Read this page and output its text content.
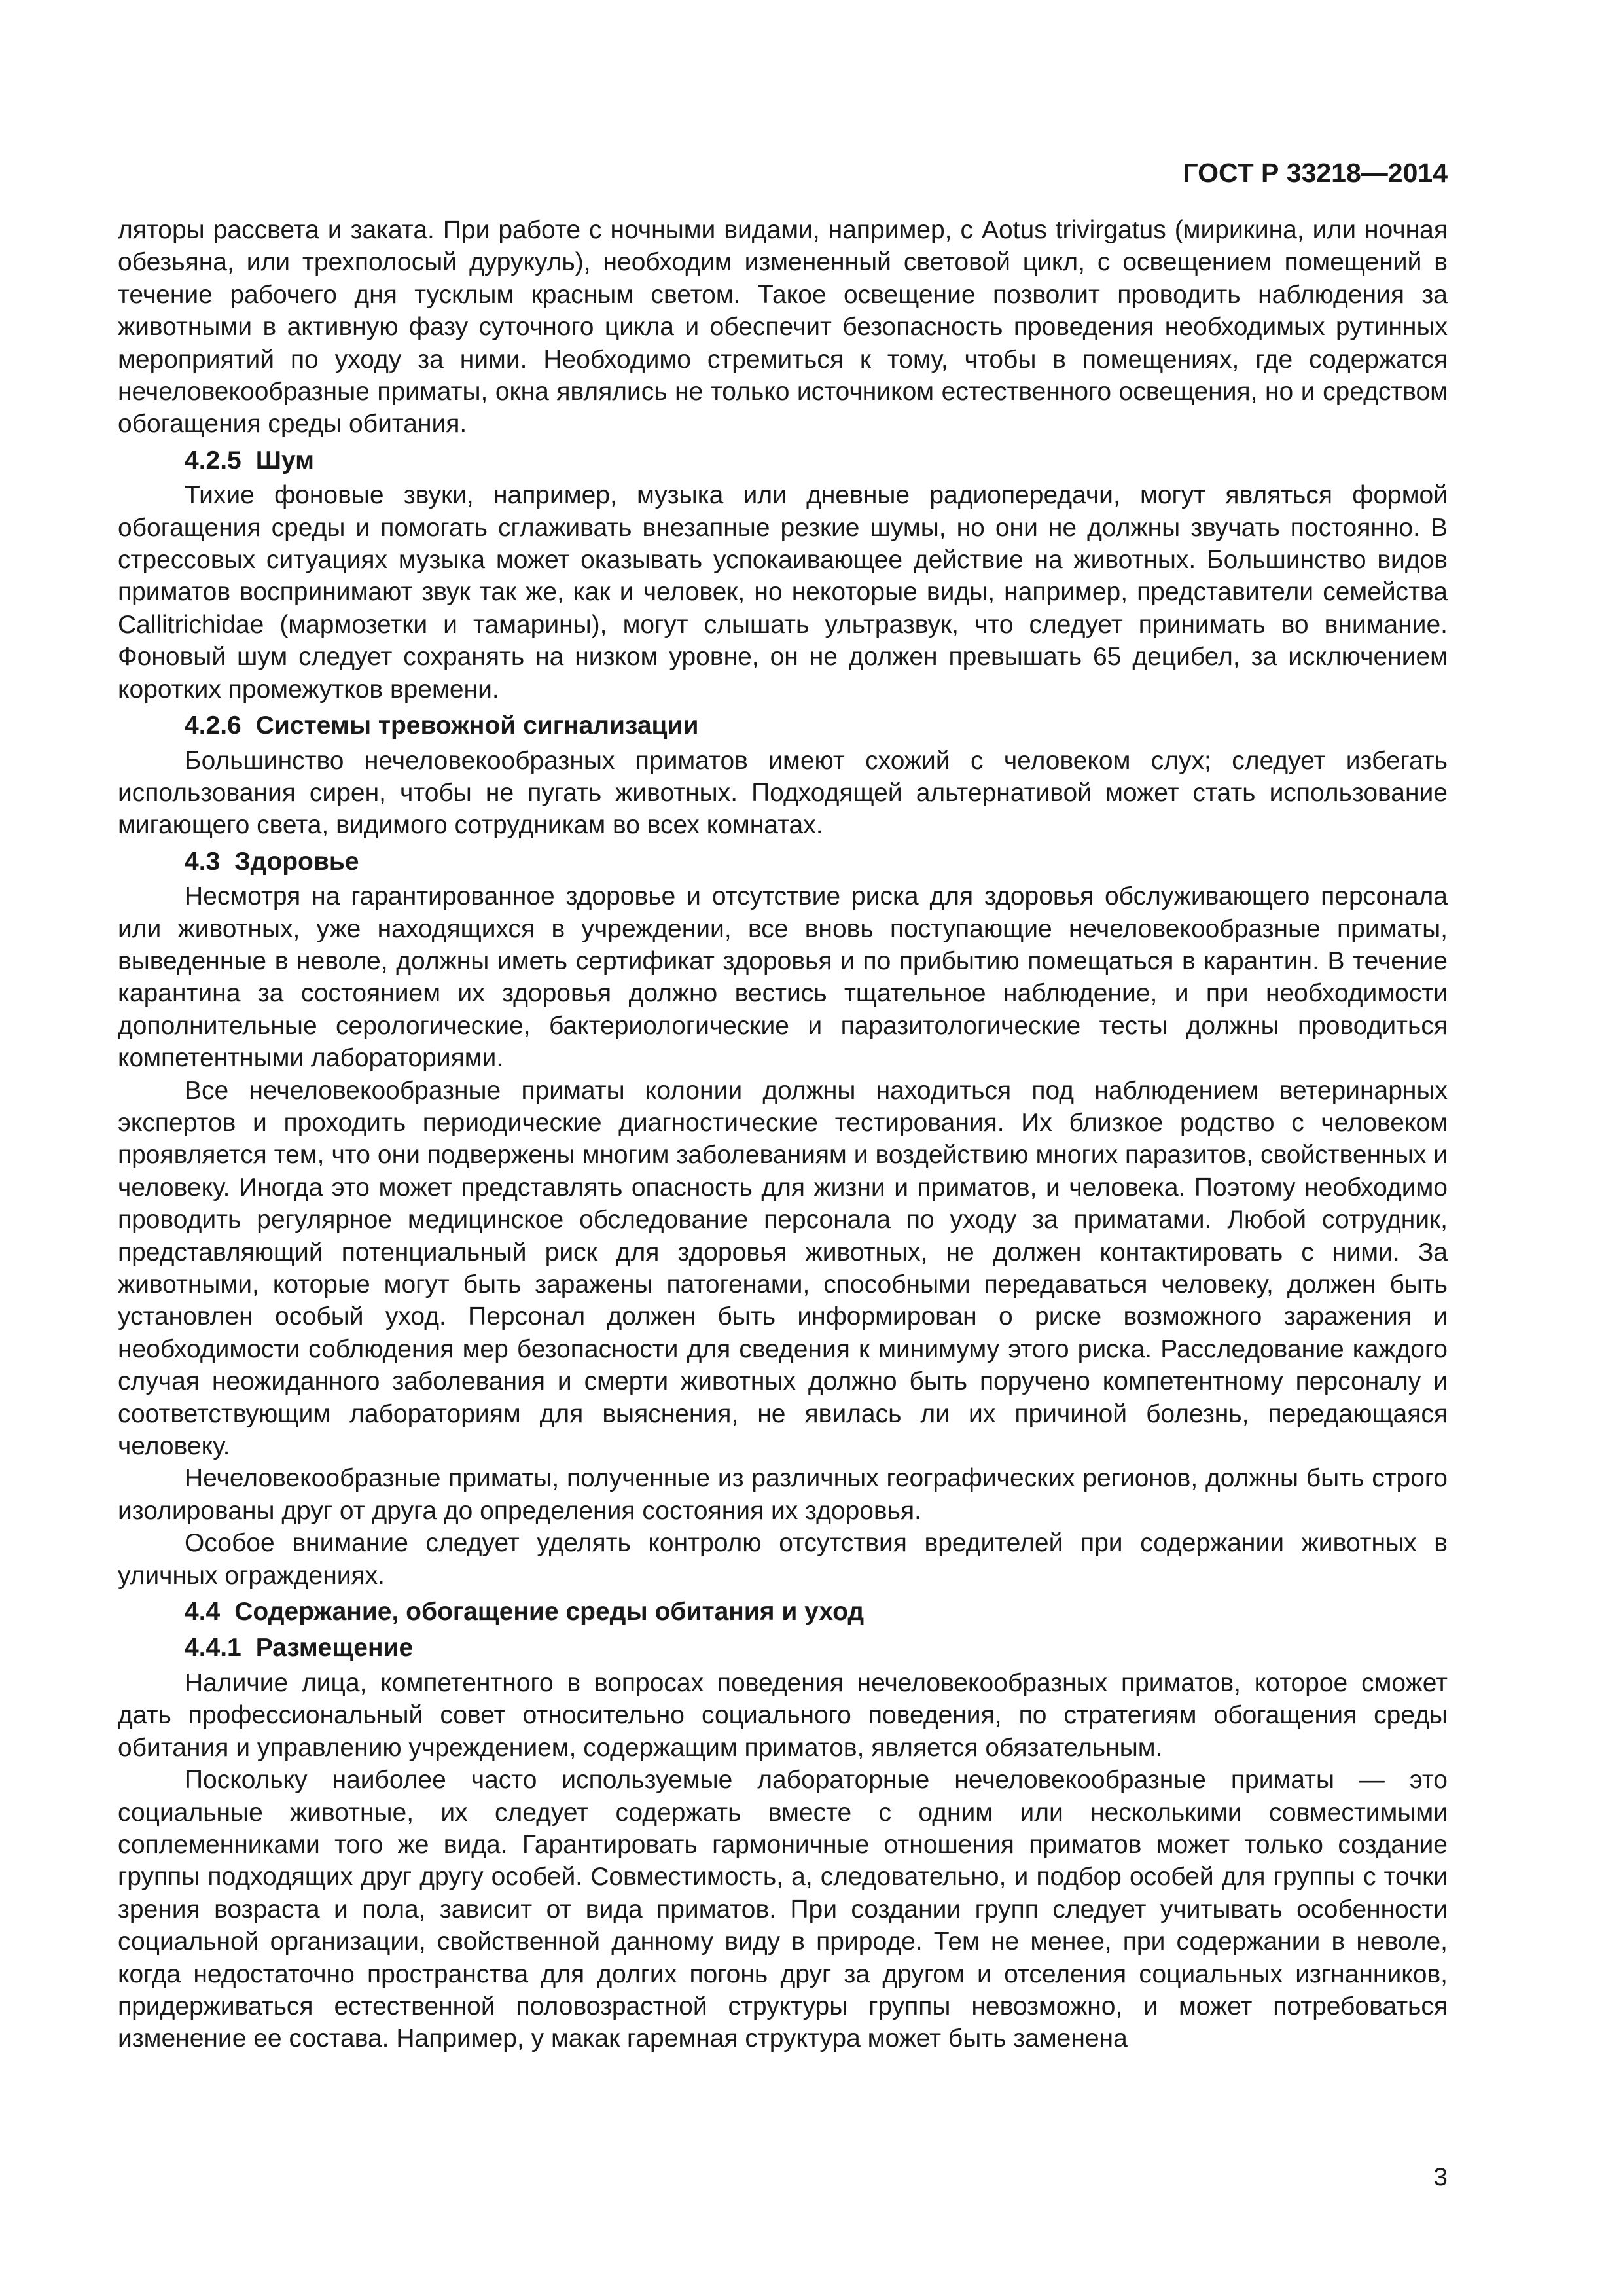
ГОСТ Р 33218—2014

ляторы рассвета и заката. При работе с ночными видами, например, с Aotus trivirgatus (мирикина, или ночная обезьяна, или трехполосый дурукуль), необходим измененный световой цикл, с освещением помещений в течение рабочего дня тусклым красным светом. Такое освещение позволит проводить наблюдения за животными в активную фазу суточного цикла и обеспечит безопасность проведения необходимых рутинных мероприятий по уходу за ними. Необходимо стремиться к тому, чтобы в помещениях, где содержатся нечеловекообразные приматы, окна являлись не только источником естественного освещения, но и средством обогащения среды обитания.

4.2.5 Шум

Тихие фоновые звуки, например, музыка или дневные радиопередачи, могут являться формой обогащения среды и помогать сглаживать внезапные резкие шумы, но они не должны звучать постоянно. В стрессовых ситуациях музыка может оказывать успокаивающее действие на животных. Большинство видов приматов воспринимают звук так же, как и человек, но некоторые виды, например, представители семейства Callitrichidae (мармозетки и тамарины), могут слышать ультразвук, что следует принимать во внимание. Фоновый шум следует сохранять на низком уровне, он не должен превышать 65 децибел, за исключением коротких промежутков времени.

4.2.6 Системы тревожной сигнализации

Большинство нечеловекообразных приматов имеют схожий с человеком слух; следует избегать использования сирен, чтобы не пугать животных. Подходящей альтернативой может стать использование мигающего света, видимого сотрудникам во всех комнатах.

4.3 Здоровье

Несмотря на гарантированное здоровье и отсутствие риска для здоровья обслуживающего персонала или животных, уже находящихся в учреждении, все вновь поступающие нечеловекообразные приматы, выведенные в неволе, должны иметь сертификат здоровья и по прибытию помещаться в карантин. В течение карантина за состоянием их здоровья должно вестись тщательное наблюдение, и при необходимости дополнительные серологические, бактериологические и паразитологические тесты должны проводиться компетентными лабораториями.

Все нечеловекообразные приматы колонии должны находиться под наблюдением ветеринарных экспертов и проходить периодические диагностические тестирования. Их близкое родство с человеком проявляется тем, что они подвержены многим заболеваниям и воздействию многих паразитов, свойственных и человеку. Иногда это может представлять опасность для жизни и приматов, и человека. Поэтому необходимо проводить регулярное медицинское обследование персонала по уходу за приматами. Любой сотрудник, представляющий потенциальный риск для здоровья животных, не должен контактировать с ними. За животными, которые могут быть заражены патогенами, способными передаваться человеку, должен быть установлен особый уход. Персонал должен быть информирован о риске возможного заражения и необходимости соблюдения мер безопасности для сведения к минимуму этого риска. Расследование каждого случая неожиданного заболевания и смерти животных должно быть поручено компетентному персоналу и соответствующим лабораториям для выяснения, не явилась ли их причиной болезнь, передающаяся человеку.

Нечеловекообразные приматы, полученные из различных географических регионов, должны быть строго изолированы друг от друга до определения состояния их здоровья.

Особое внимание следует уделять контролю отсутствия вредителей при содержании животных в уличных ограждениях.

4.4 Содержание, обогащение среды обитания и уход
4.4.1 Размещение

Наличие лица, компетентного в вопросах поведения нечеловекообразных приматов, которое сможет дать профессиональный совет относительно социального поведения, по стратегиям обогащения среды обитания и управлению учреждением, содержащим приматов, является обязательным.

Поскольку наиболее часто используемые лабораторные нечеловекообразные приматы — это социальные животные, их следует содержать вместе с одним или несколькими совместимыми соплеменниками того же вида. Гарантировать гармоничные отношения приматов может только создание группы подходящих друг другу особей. Совместимость, а, следовательно, и подбор особей для группы с точки зрения возраста и пола, зависит от вида приматов. При создании групп следует учитывать особенности социальной организации, свойственной данному виду в природе. Тем не менее, при содержании в неволе, когда недостаточно пространства для долгих погонь друг за другом и отселения социальных изгнанников, придерживаться естественной половозрастной структуры группы невозможно, и может потребоваться изменение ее состава. Например, у макак гаремная структура может быть заменена

3
